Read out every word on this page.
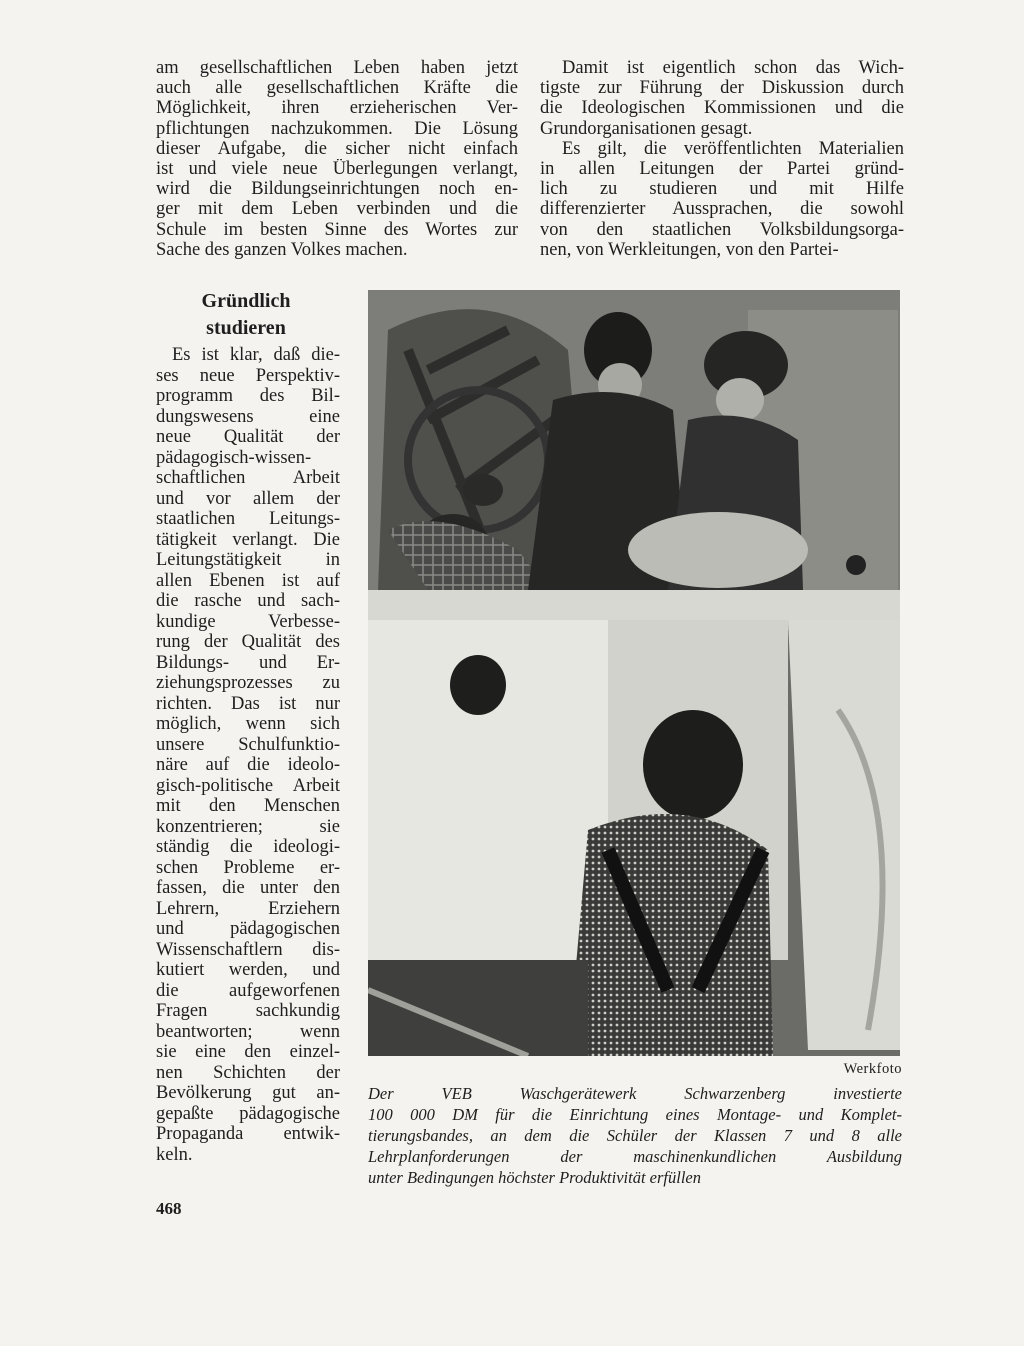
am gesellschaftlichen Leben haben jetzt
auch alle gesellschaftlichen Kräfte die
Möglichkeit, ihren erzieherischen Ver-
pflichtungen nachzukommen. Die Lösung
dieser Aufgabe, die sicher nicht einfach
ist und viele neue Überlegungen verlangt,
wird die Bildungseinrichtungen noch en-
ger mit dem Leben verbinden und die
Schule im besten Sinne des Wortes zur
Sache des ganzen Volkes machen.
Damit ist eigentlich schon das Wich-
tigste zur Führung der Diskussion durch
die Ideologischen Kommissionen und die
Grundorganisationen gesagt.
Es gilt, die veröffentlichten Materialien
in allen Leitungen der Partei gründ-
lich zu studieren und mit Hilfe
differenzierter Aussprachen, die sowohl
von den staatlichen Volksbildungsorga-
nen, von Werkleitungen, von den Partei-
Gründlich
studieren
Es ist klar, daß die-
ses neue Perspektiv-
programm des Bil-
dungswesens eine
neue Qualität der
pädagogisch-wissen-
schaftlichen Arbeit
und vor allem der
staatlichen Leitungs-
tätigkeit verlangt. Die
Leitungstätigkeit in
allen Ebenen ist auf
die rasche und sach-
kundige Verbesse-
rung der Qualität des
Bildungs- und Er-
ziehungsprozesses zu
richten. Das ist nur
möglich, wenn sich
unsere Schulfunktio-
näre auf die ideolo-
gisch-politische Arbeit
mit den Menschen
konzentrieren; sie
ständig die ideologi-
schen Probleme er-
fassen, die unter den
Lehrern, Erziehern
und pädagogischen
Wissenschaftlern dis-
kutiert werden, und
die aufgeworfenen
Fragen sachkundig
beantworten; wenn
sie eine den einzel-
nen Schichten der
Bevölkerung gut an-
gepaßte pädagogische
Propaganda entwik-
keln.
Werkfoto
Der VEB Waschgerätewerk Schwarzenberg investierte
100 000 DM für die Einrichtung eines Montage- und Komplet-
tierungsbandes, an dem die Schüler der Klassen 7 und 8 alle
Lehrplanforderungen der maschinenkundlichen Ausbildung
unter Bedingungen höchster Produktivität erfüllen
468
